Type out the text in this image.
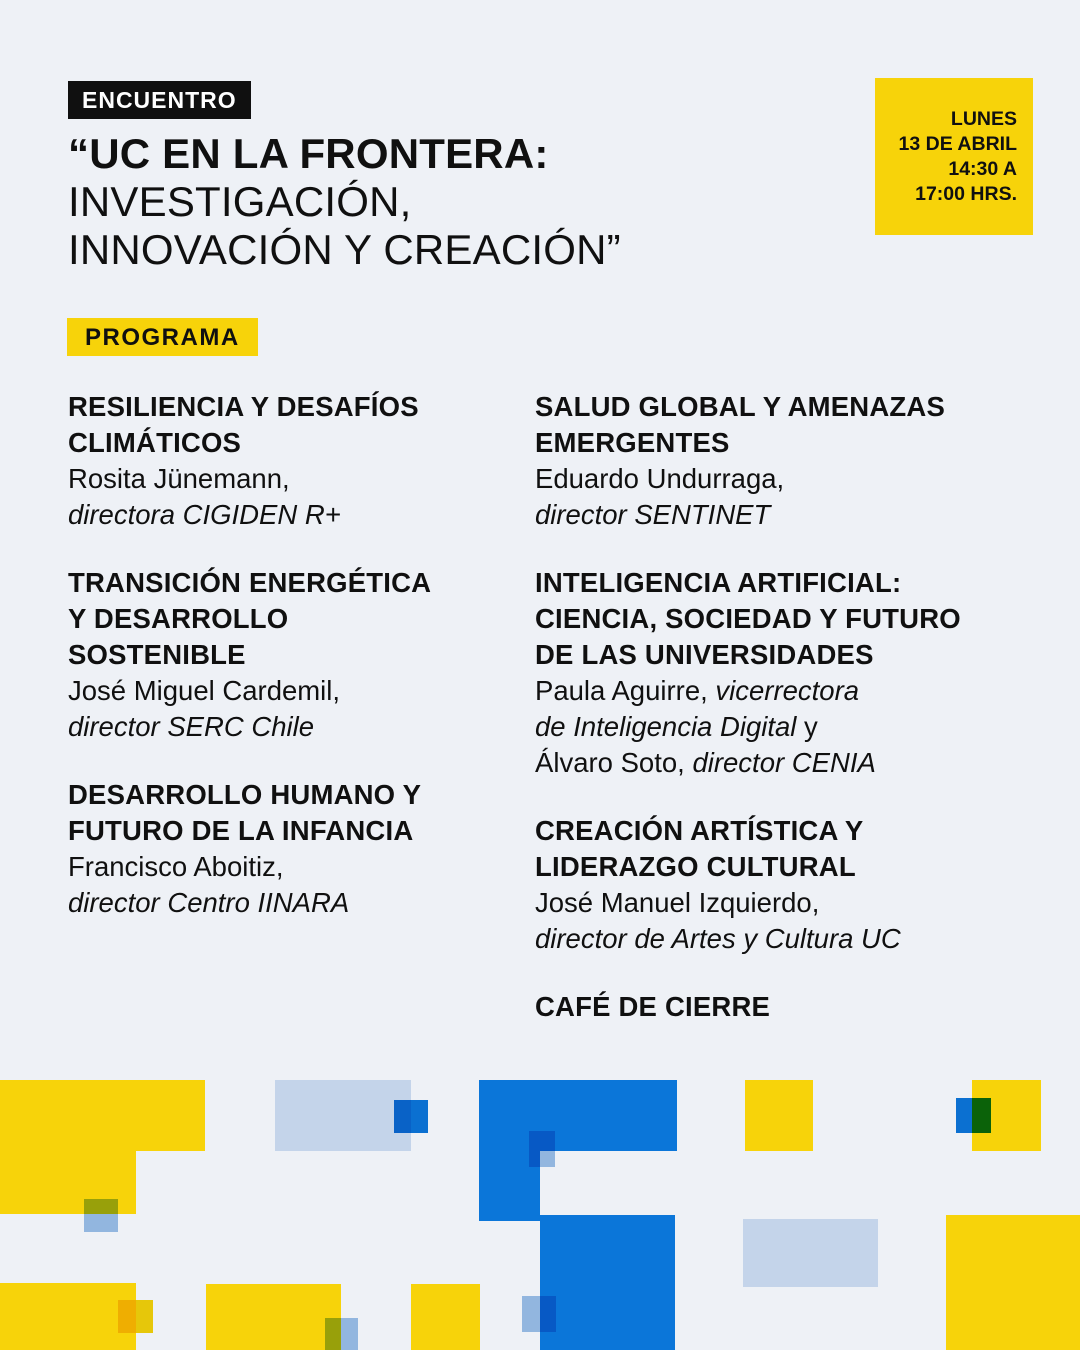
ENCUENTRO
“UC EN LA FRONTERA:
INVESTIGACIÓN,
INNOVACIÓN Y CREACIÓN”
LUNES
13 DE ABRIL
14:30 A
17:00 HRS.
PROGRAMA
RESILIENCIA Y DESAFÍOS
CLIMÁTICOS

Rosita Jünemann,
directora CIGIDEN R+

TRANSICIÓN ENERGÉTICA
Y DESARROLLO
SOSTENIBLE

José Miguel Cardemil,
director SERC Chile

DESARROLLO HUMANO Y
FUTURO DE LA INFANCIA

Francisco Aboitiz,
director Centro IINARA

SALUD GLOBAL Y AMENAZAS
EMERGENTES

Eduardo Undurraga,
director SENTINET

INTELIGENCIA ARTIFICIAL:
CIENCIA, SOCIEDAD Y FUTURO
DE LAS UNIVERSIDADES

Paula Aguirre, vicerrectora
de Inteligencia Digital y
Álvaro Soto, director CENIA

CREACIÓN ARTÍSTICA Y
LIDERAZGO CULTURAL

José Manuel Izquierdo,
director de Artes y Cultura UC

CAFÉ DE CIERRE
